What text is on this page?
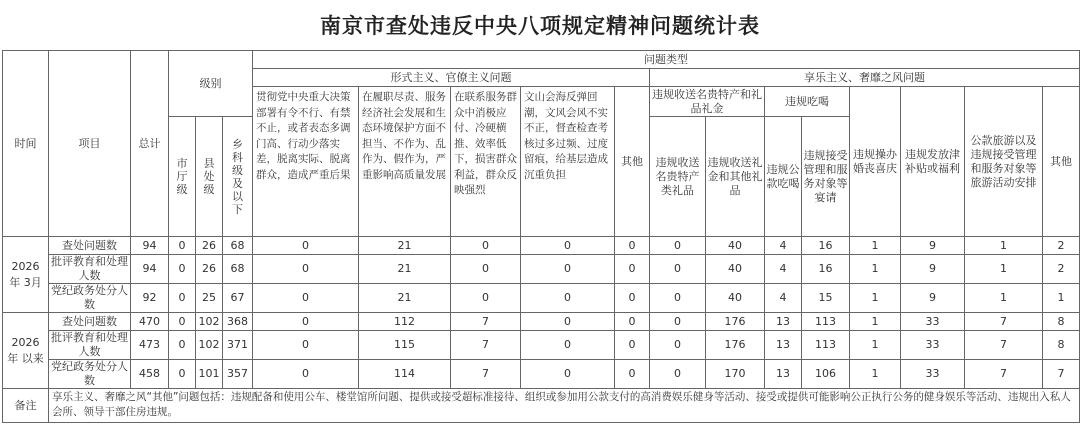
南京市查处违反中央八项规定精神问题统计表
时间	项目	总计	级别			问题类型												
						形式主义、官僚主义问题					享乐主义、奢靡之风问题							
						贯彻党中央重大决策部署有令不行、有禁不止，或者表态多调门高、行动少落实差，脱离实际、脱离群众，造成严重后果	在履职尽责、服务经济社会发展和生态环境保护方面不担当、不作为、乱作为、假作为，严重影响高质量发展	在联系服务群众中消极应付、冷硬横推、效率低下，损害群众利益，群众反映强烈	文山会海反弹回潮，文风会风不实不正，督查检查考核过多过频、过度留痕，给基层造成沉重负担	其他	违规收送名贵特产和礼品礼金		违规吃喝		违规操办婚丧喜庆	违规发放津补贴或福利	公款旅游以及违规接受管理和服务对象等旅游活动安排	其他
			市厅级	县处级	乡科级及以下						违规收送名贵特产类礼品	违规收送礼金和其他礼品	违规公款吃喝	违规接受管理和服务对象等宴请				
2026 年 3月	查处问题数	94	0	26	68	0	21	0	0	0	0	40	4	16	1	9	1	2
	批评教育和处理人数	94	0	26	68	0	21	0	0	0	0	40	4	16	1	9	1	2
	党纪政务处分人数	92	0	25	67	0	21	0	0	0	0	40	4	15	1	9	1	1
2026 年 以来	查处问题数	470	0	102	368	0	112	7	0	0	0	176	13	113	1	33	7	8
	批评教育和处理人数	473	0	102	371	0	115	7	0	0	0	176	13	113	1	33	7	8
	党纪政务处分人数	458	0	101	357	0	114	7	0	0	0	170	13	106	1	33	7	7
备注	享乐主义、奢靡之风“其他”问题包括：违规配备和使用公车、楼堂馆所问题、提供或接受超标准接待、组织或参加用公款支付的高消费娱乐健身等活动、接受或提供可能影响公正执行公务的健身娱乐等活动、违规出入私人会所、领导干部住房违规。																	
